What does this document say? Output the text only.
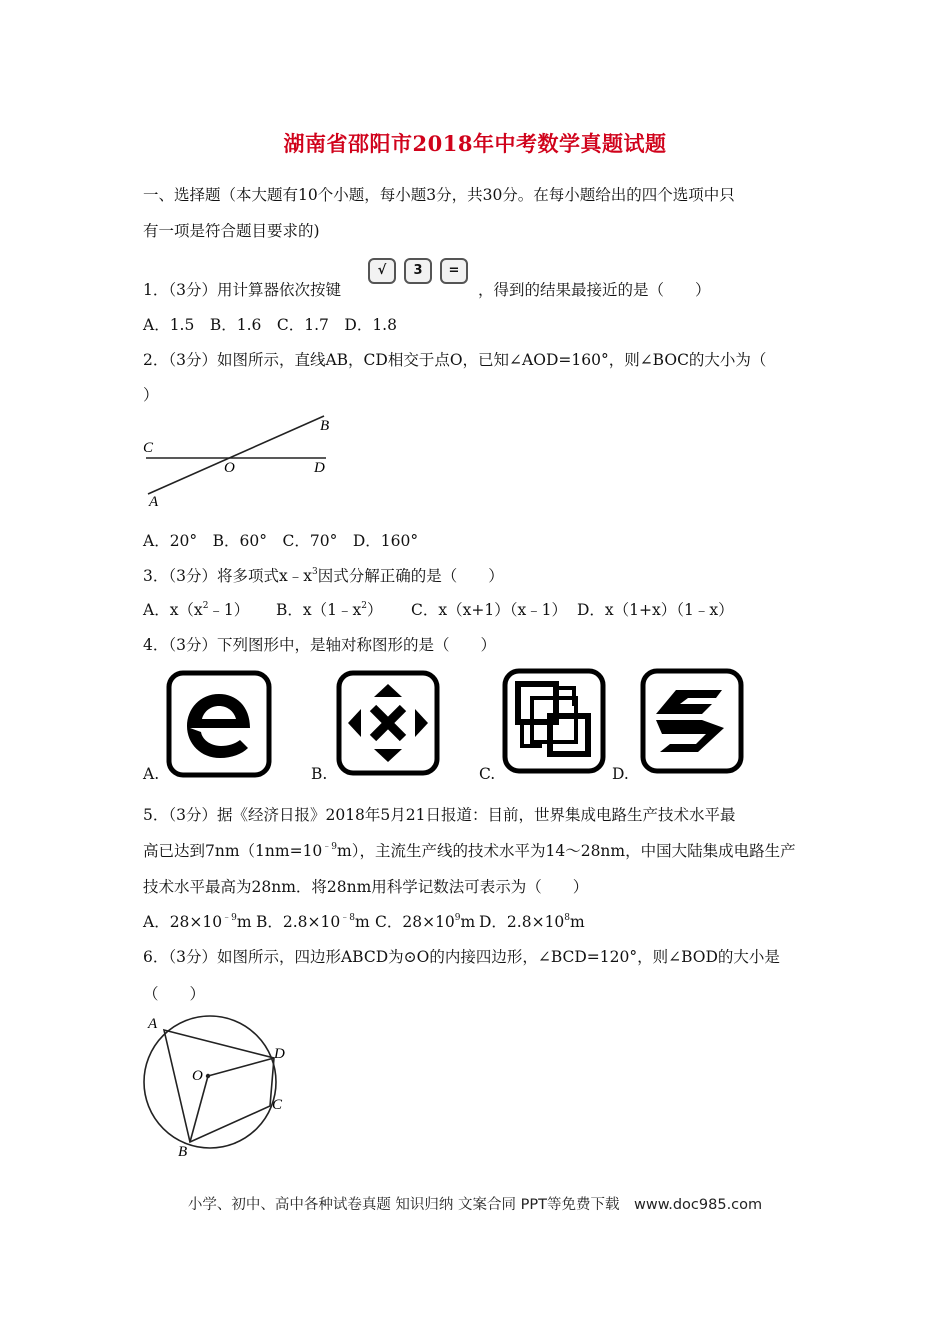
湖南省邵阳市2018年中考数学真题试题
一、选择题（本大题有10个小题，每小题3分，共30分。在每小题给出的四个选项中只
有一项是符合题目要求的)
1．（3分）用计算器依次按键
√	3	=
，得到的结果最接近的是（　　）
A．1.5　B．1.6　C．1.7　D．1.8
2．（3分）如图所示，直线AB，CD相交于点O，已知∠AOD=160°，则∠BOC的大小为（
）
C
B
O	D
A
A．20°　B．60°　C．70°　D．160°
3．（3分）将多项式$x﹣x^3$因式分解正确的是（　　）
A．$x(x^2﹣1)$ B．$x(1﹣x^2)$ C．x（x+1）（x﹣1） D．x（1+x）（1﹣x）
4．（3分）下列图形中，是轴对称图形的是（　　）
A.	B.	C.	D.
5．（3分）据《经济日报》2018年5月21日报道：目前，世界集成电路生产技术水平最
高已达到$7nm(1nm=10^{﹣9}m)$，主流生产线的技术水平为14～28nm，中国大陆集成电路生产
技术水平最高为28nm．将28nm用科学记数法可表示为（　　）
A．$28\times 10^{﹣9}m$ B．$2.8\times 10^{﹣8}m$ C．$28\times 10^9m$ D．$2.8\times 10^8m$
6．（3分）如图所示，四边形ABCD为⊙O的内接四边形，∠BCD=120°，则∠BOD的大小是
（　　）
A
D
O
C
B
小学、初中、高中各种试卷真题 知识归纳 文案合同 PPT等免费下载　www.doc985.com
